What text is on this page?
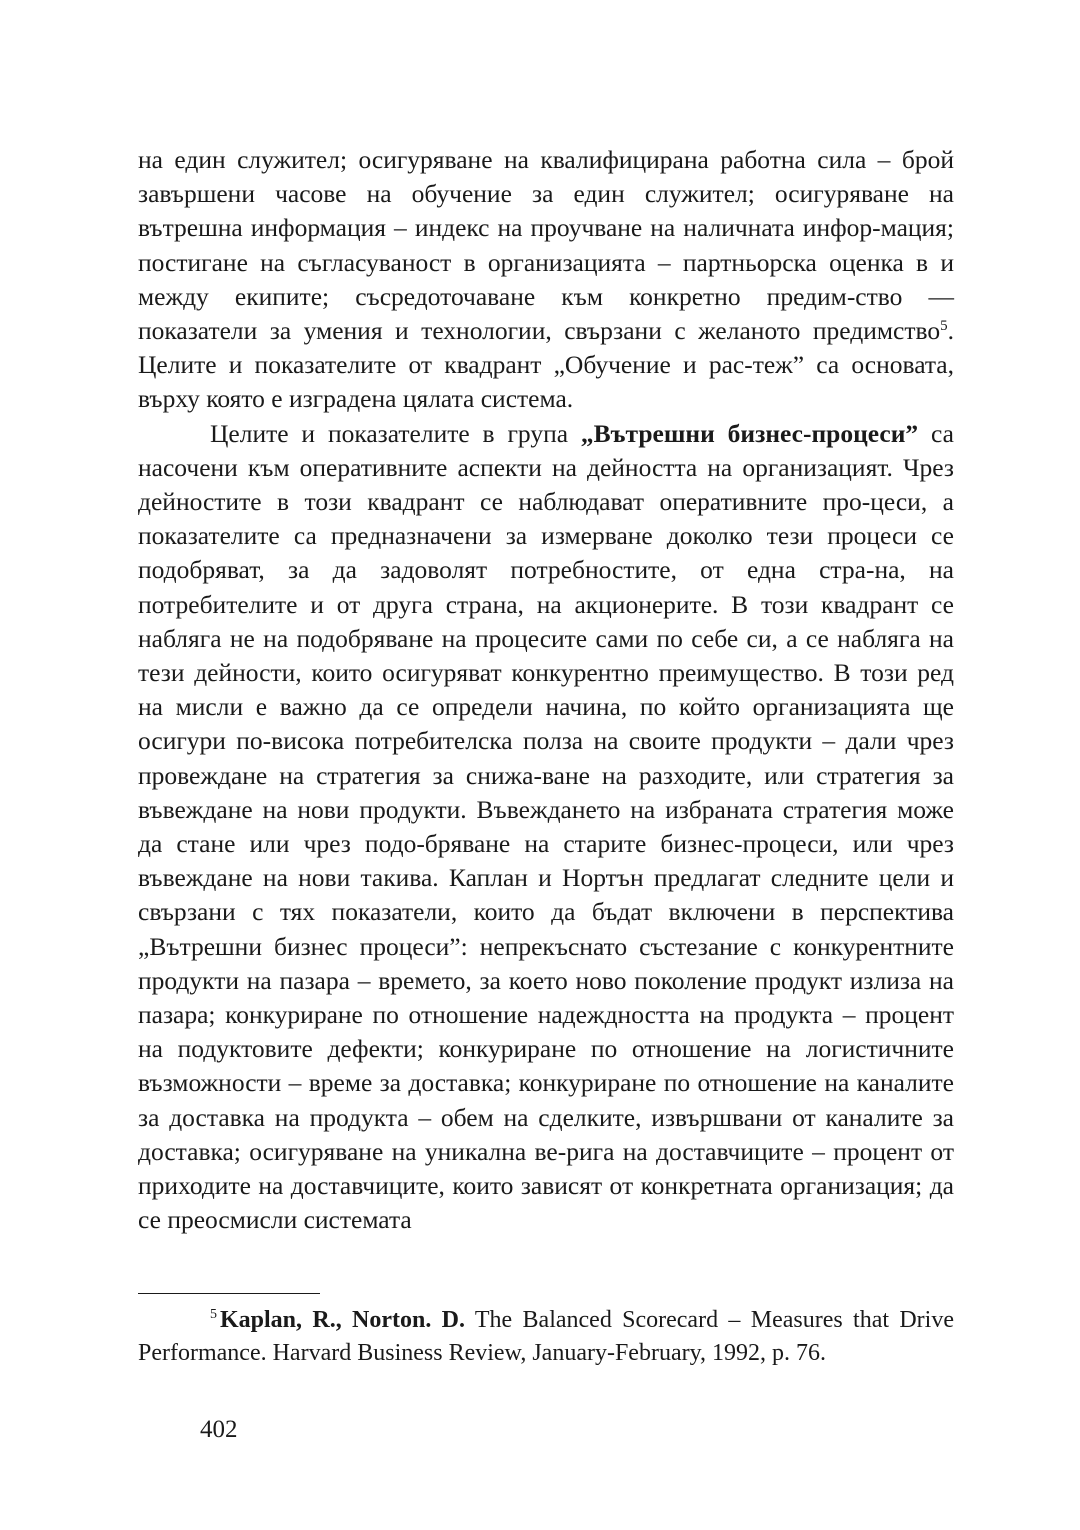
на един служител; осигуряване на квалифицирана работна сила – брой завършени часове на обучение за един служител; осигуряване на вътрешна информация – индекс на проучване на наличната инфор-мация; постигане на съгласуваност в организацията – партньорска оценка в и между екипите; съсредоточаване към конкретно предим-ство — показатели за умения и технологии, свързани с желаното предимство$^5$. Целите и показателите от квадрант „Обучение и рас-теж” са основата, върху която е изградена цялата система.

Целите и показателите в група „Вътрешни бизнес-процеси” са насочени към оперативните аспекти на дейността на организацият. Чрез дейностите в този квадрант се наблюдават оперативните про-цеси, а показателите са предназначени за измерване доколко тези процеси се подобряват, за да задоволят потребностите, от една стра-на, на потребителите и от друга страна, на акционерите. В този квадрант се набляга не на подобряване на процесите сами по себе си, а се набляга на тези дейности, които осигуряват конкурентно преимущество. В този ред на мисли е важно да се определи начина, по който организацията ще осигури по-висока потребителска полза на своите продукти – дали чрез провеждане на стратегия за снижа-ване на разходите, или стратегия за въвеждане на нови продукти. Въвеждането на избраната стратегия може да стане или чрез подо-бряване на старите бизнес-процеси, или чрез въвеждане на нови такива. Каплан и Нортън предлагат следните цели и свързани с тях показатели, които да бъдат включени в перспектива „Вътрешни бизнес процеси”: непрекъснато състезание с конкурентните продукти на пазара – времето, за което ново поколение продукт излиза на пазара; конкуриране по отношение надеждността на продукта – процент на подуктовите дефекти; конкуриране по отношение на логистичните възможности – време за доставка; конкуриране по отношение на каналите за доставка на продукта – обем на сделките, извършвани от каналите за доставка; осигуряване на уникална ве-рига на доставчиците – процент от приходите на доставчиците, които зависят от конкретната организация; да се преосмисли системата

$^5$ Kaplan, R., Norton. D. The Balanced Scorecard – Measures that Drive Performance. Harvard Business Review, January-February, 1992, p. 76.
402
